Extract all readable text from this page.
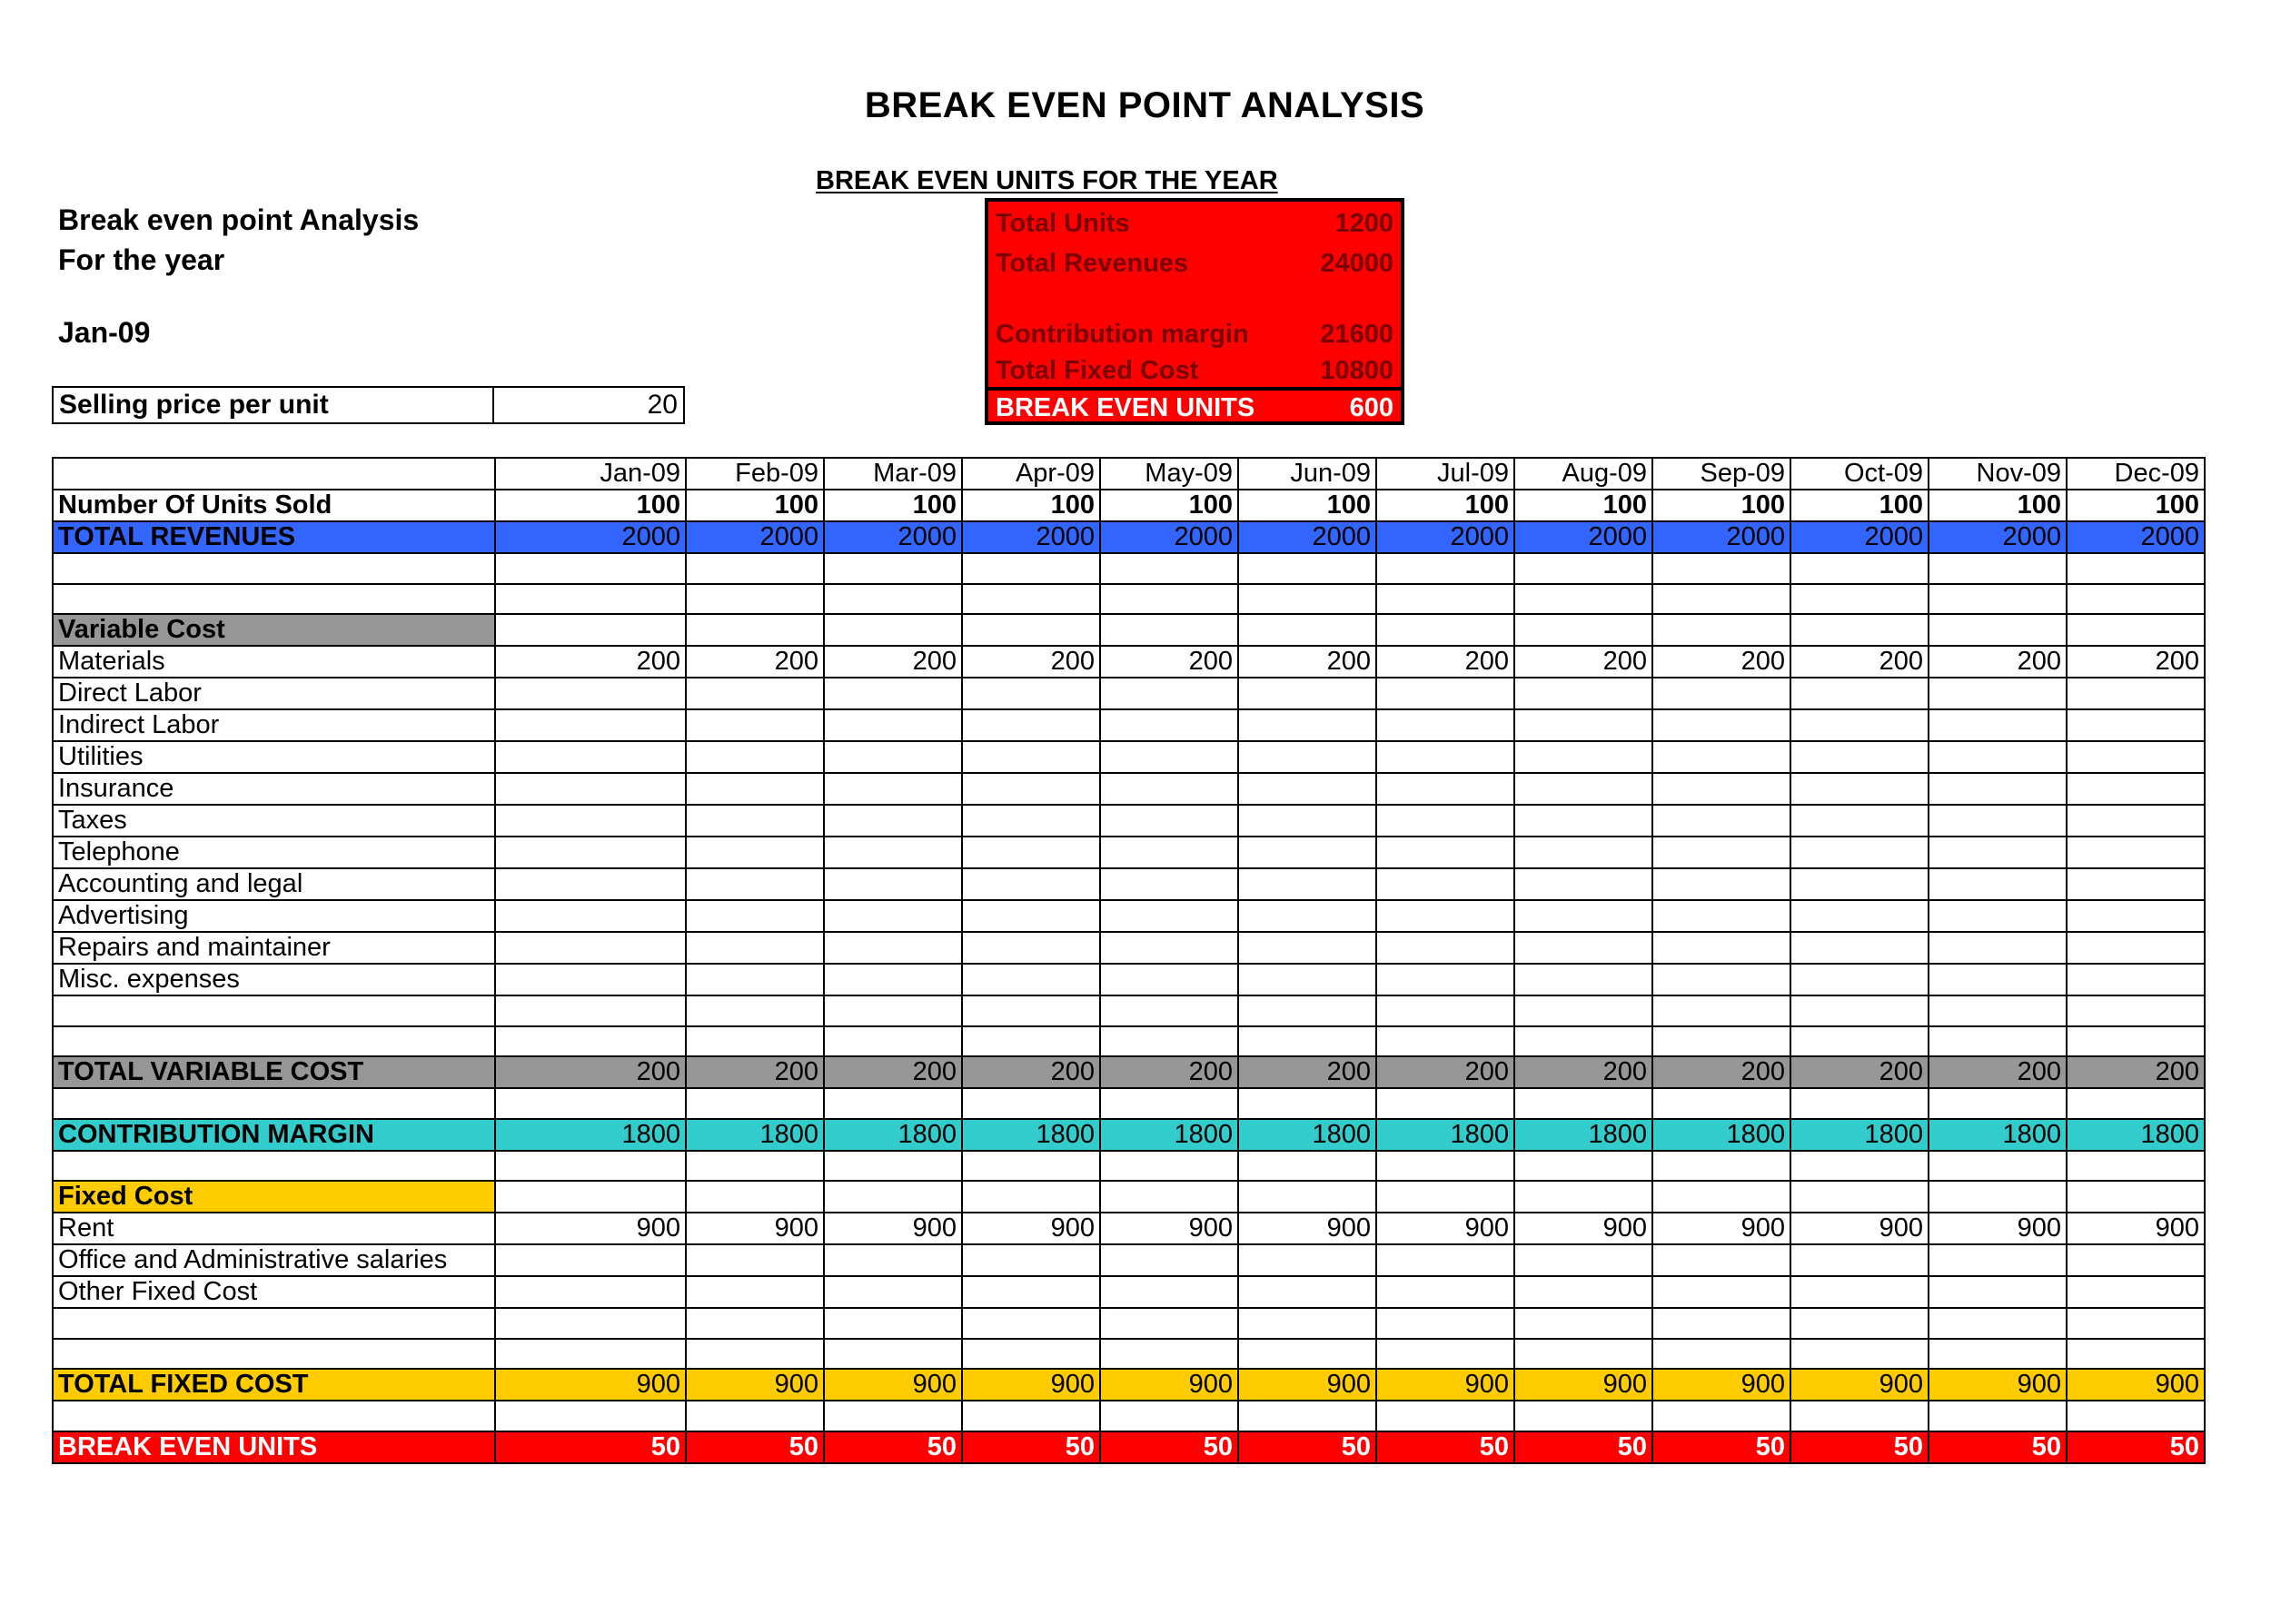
BREAK EVEN POINT ANALYSIS
BREAK EVEN UNITS FOR THE YEAR
Break even point Analysis
For the year
Jan-09
Total Units	1200
Total Revenues	24000
Contribution margin	21600
Total Fixed Cost	10800
BREAK EVEN UNITS	600
Selling price per unit	20
	Jan-09	Feb-09	Mar-09	Apr-09	May-09	Jun-09	Jul-09	Aug-09	Sep-09	Oct-09	Nov-09	Dec-09
Number Of Units Sold	100	100	100	100	100	100	100	100	100	100	100	100
TOTAL REVENUES	2000	2000	2000	2000	2000	2000	2000	2000	2000	2000	2000	2000

Variable Cost												
Materials	200	200	200	200	200	200	200	200	200	200	200	200
Direct Labor												
Indirect Labor												
Utilities												
Insurance												
Taxes												
Telephone												
Accounting and legal												
Advertising												
Repairs and maintainer												
Misc. expenses												

TOTAL VARIABLE COST	200	200	200	200	200	200	200	200	200	200	200	200

CONTRIBUTION MARGIN	1800	1800	1800	1800	1800	1800	1800	1800	1800	1800	1800	1800

Fixed Cost												
Rent	900	900	900	900	900	900	900	900	900	900	900	900
Office and Administrative salaries												
Other Fixed Cost												

TOTAL FIXED COST	900	900	900	900	900	900	900	900	900	900	900	900

BREAK EVEN UNITS	50	50	50	50	50	50	50	50	50	50	50	50
